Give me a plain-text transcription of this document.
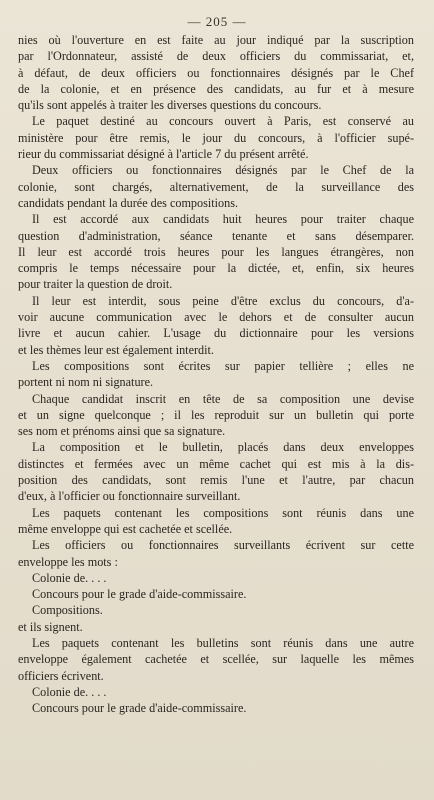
— 205 —
nies où l'ouverture en est faite au jour indiqué par la suscription
par l'Ordonnateur, assisté de deux officiers du commissariat, et,
à défaut, de deux officiers ou fonctionnaires désignés par le Chef
de la colonie, et en présence des candidats, au fur et à mesure
qu'ils sont appelés à traiter les diverses questions du concours.
Le paquet destiné au concours ouvert à Paris, est conservé au
ministère pour être remis, le jour du concours, à l'officier supé-
rieur du commissariat désigné à l'article 7 du présent arrêté.
Deux officiers ou fonctionnaires désignés par le Chef de la
colonie, sont chargés, alternativement, de la surveillance des
candidats pendant la durée des compositions.
Il est accordé aux candidats huit heures pour traiter chaque
question d'administration, séance tenante et sans désemparer.
Il leur est accordé trois heures pour les langues étrangères, non
compris le temps nécessaire pour la dictée, et, enfin, six heures
pour traiter la question de droit.
Il leur est interdit, sous peine d'être exclus du concours, d'a-
voir aucune communication avec le dehors et de consulter aucun
livre et aucun cahier. L'usage du dictionnaire pour les versions
et les thèmes leur est également interdit.
Les compositions sont écrites sur papier tellière ; elles ne
portent ni nom ni signature.
Chaque candidat inscrit en tête de sa composition une devise
et un signe quelconque ; il les reproduit sur un bulletin qui porte
ses nom et prénoms ainsi que sa signature.
La composition et le bulletin, placés dans deux enveloppes
distinctes et fermées avec un même cachet qui est mis à la dis-
position des candidats, sont remis l'une et l'autre, par chacun
d'eux, à l'officier ou fonctionnaire surveillant.
Les paquets contenant les compositions sont réunis dans une
même enveloppe qui est cachetée et scellée.
Les officiers ou fonctionnaires surveillants écrivent sur cette
enveloppe les mots :
Colonie de. . . .
Concours pour le grade d'aide-commissaire.
Compositions.
et ils signent.
Les paquets contenant les bulletins sont réunis dans une autre
enveloppe également cachetée et scellée, sur laquelle les mêmes
officiers écrivent.
Colonie de. . . .
Concours pour le grade d'aide-commissaire.
